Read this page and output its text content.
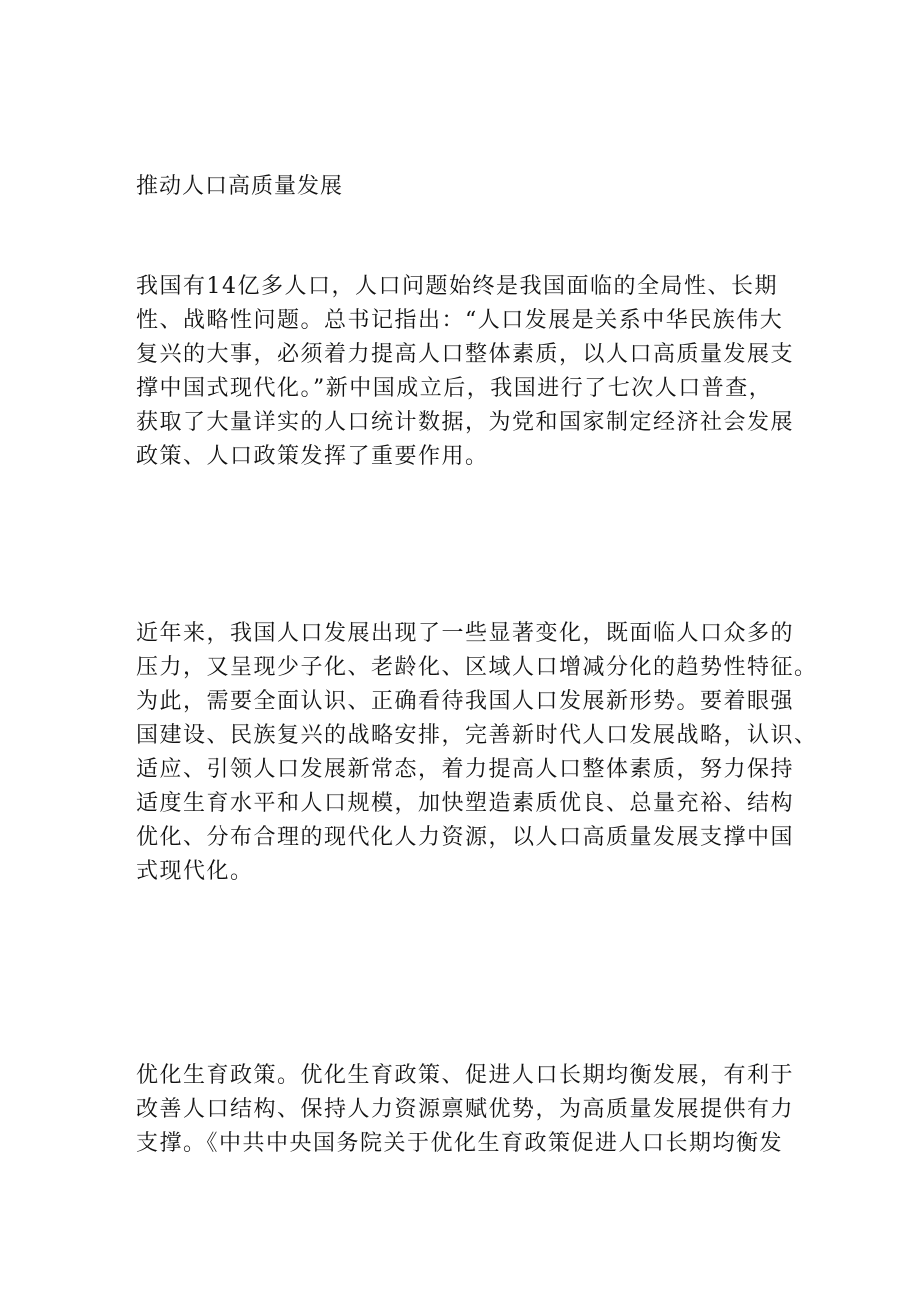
推动人口高质量发展
我国有14亿多人口，人口问题始终是我国面临的全局性、长期
性、战略性问题。总书记指出：“人口发展是关系中华民族伟大
复兴的大事，必须着力提高人口整体素质，以人口高质量发展支
撑中国式现代化。”新中国成立后，我国进行了七次人口普查，
获取了大量详实的人口统计数据，为党和国家制定经济社会发展
政策、人口政策发挥了重要作用。
近年来，我国人口发展出现了一些显著变化，既面临人口众多的
压力，又呈现少子化、老龄化、区域人口增减分化的趋势性特征。
为此，需要全面认识、正确看待我国人口发展新形势。要着眼强
国建设、民族复兴的战略安排，完善新时代人口发展战略，认识、
适应、引领人口发展新常态，着力提高人口整体素质，努力保持
适度生育水平和人口规模，加快塑造素质优良、总量充裕、结构
优化、分布合理的现代化人力资源，以人口高质量发展支撑中国
式现代化。
优化生育政策。优化生育政策、促进人口长期均衡发展，有利于
改善人口结构、保持人力资源禀赋优势，为高质量发展提供有力
支撑。《中共中央国务院关于优化生育政策促进人口长期均衡发
